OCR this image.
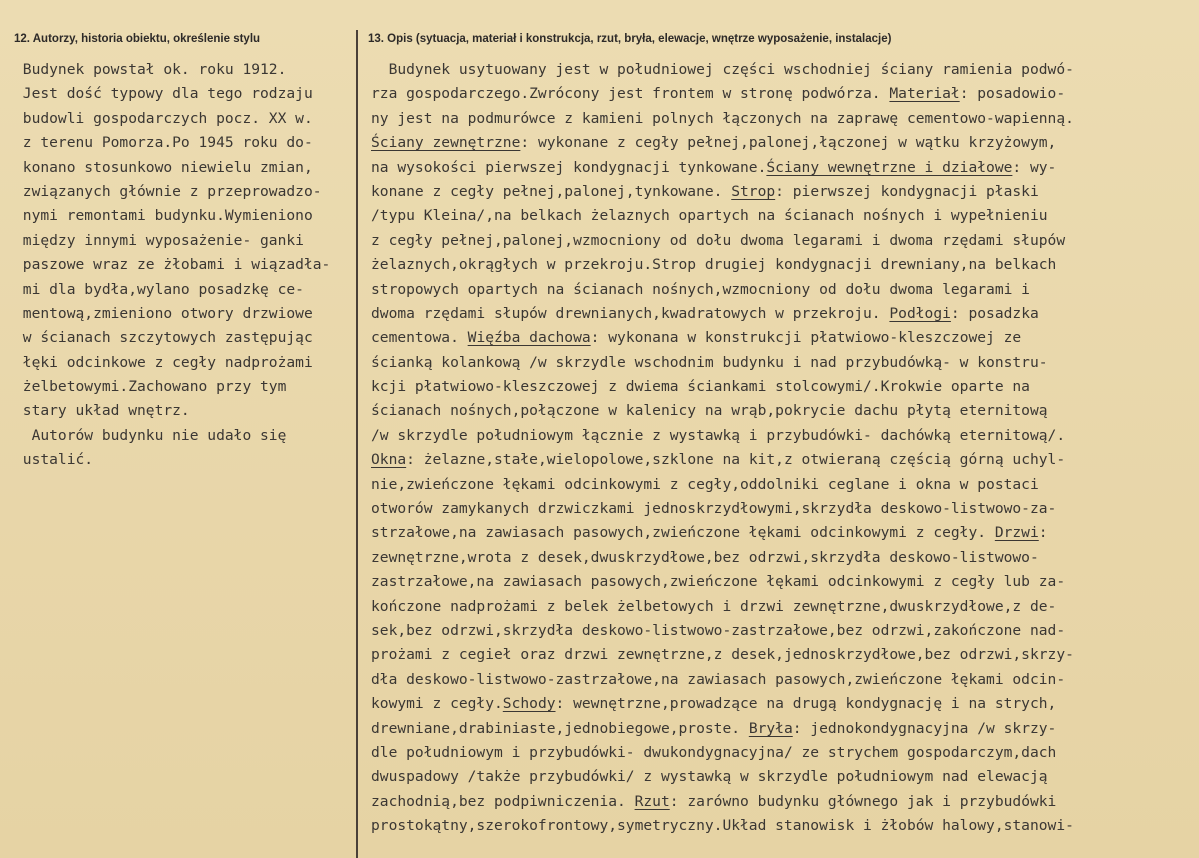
12. Autorzy, historia obiektu, określenie stylu	13. Opis (sytuacja, materiał i konstrukcja, rzut, bryła, elewacje, wnętrze wyposażenie, instalacje)
Budynek powstał ok. roku 1912.
Jest dość typowy dla tego rodzaju
budowli gospodarczych pocz. XX w.
z terenu Pomorza.Po 1945 roku do-
konano stosunkowo niewielu zmian,
związanych głównie z przeprowadzo-
nymi remontami budynku.Wymieniono
między innymi wyposażenie- ganki
paszowe wraz ze żłobami i wiązadła-
mi dla bydła,wylano posadzkę ce-
mentową,zmieniono otwory drzwiowe
w ścianach szczytowych zastępując
łęki odcinkowe z cegły nadprożami
żelbetowymi.Zachowano przy tym
stary układ wnętrz.
Autorów budynku nie udało się
ustalić.
Budynek usytuowany jest w południowej części wschodniej ściany ramienia podwó-
rza gospodarczego.Zwrócony jest frontem w stronę podwórza. Materiał: posadowio-
ny jest na podmurówce z kamieni polnych łączonych na zaprawę cementowo-wapienną.
Ściany zewnętrzne: wykonane z cegły pełnej,palonej,łączonej w wątku krzyżowym,
na wysokości pierwszej kondygnacji tynkowane.Ściany wewnętrzne i działowe: wy-
konane z cegły pełnej,palonej,tynkowane. Strop: pierwszej kondygnacji płaski
/typu Kleina/,na belkach żelaznych opartych na ścianach nośnych i wypełnieniu
z cegły pełnej,palonej,wzmocniony od dołu dwoma legarami i dwoma rzędami słupów
żelaznych,okrągłych w przekroju.Strop drugiej kondygnacji drewniany,na belkach
stropowych opartych na ścianach nośnych,wzmocniony od dołu dwoma legarami i
dwoma rzędami słupów drewnianych,kwadratowych w przekroju. Podłogi: posadzka
cementowa. Więźba dachowa: wykonana w konstrukcji płatwiowo-kleszczowej ze
ścianką kolankową /w skrzydle wschodnim budynku i nad przybudówką- w konstru-
kcji płatwiowo-kleszczowej z dwiema ściankami stolcowymi/.Krokwie oparte na
ścianach nośnych,połączone w kalenicy na wrąb,pokrycie dachu płytą eternitową
/w skrzydle południowym łącznie z wystawką i przybudówki- dachówką eternitową/.
Okna: żelazne,stałe,wielopolowe,szklone na kit,z otwieraną częścią górną uchyl-
nie,zwieńczone łękami odcinkowymi z cegły,oddolniki ceglane i okna w postaci
otworów zamykanych drzwiczkami jednoskrzydłowymi,skrzydła deskowo-listwowo-za-
strzałowe,na zawiasach pasowych,zwieńczone łękami odcinkowymi z cegły. Drzwi:
zewnętrzne,wrota z desek,dwuskrzydłowe,bez odrzwi,skrzydła deskowo-listwowo-
zastrzałowe,na zawiasach pasowych,zwieńczone łękami odcinkowymi z cegły lub za-
kończone nadprożami z belek żelbetowych i drzwi zewnętrzne,dwuskrzydłowe,z de-
sek,bez odrzwi,skrzydła deskowo-listwowo-zastrzałowe,bez odrzwi,zakończone nad-
prożami z cegieł oraz drzwi zewnętrzne,z desek,jednoskrzydłowe,bez odrzwi,skrzy-
dła deskowo-listwowo-zastrzałowe,na zawiasach pasowych,zwieńczone łękami odcin-
kowymi z cegły.Schody: wewnętrzne,prowadzące na drugą kondygnację i na strych,
drewniane,drabiniaste,jednobiegowe,proste. Bryła: jednokondygnacyjna /w skrzy-
dle południowym i przybudówki- dwukondygnacyjna/ ze strychem gospodarczym,dach
dwuspadowy /także przybudówki/ z wystawką w skrzydle południowym nad elewacją
zachodnią,bez podpiwniczenia. Rzut: zarówno budynku głównego jak i przybudówki
prostokątny,szerokofrontowy,symetryczny.Układ stanowisk i żłobów halowy,stanowi-
